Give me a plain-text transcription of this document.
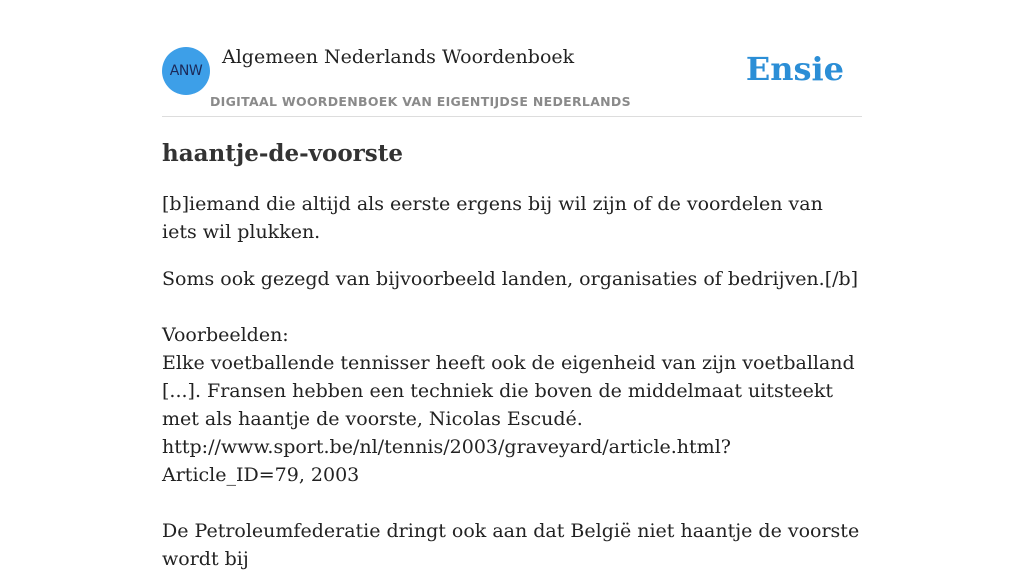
ANW
Algemeen Nederlands Woordenboek
DIGITAAL WOORDENBOEK VAN EIGENTIJDSE NEDERLANDS
Ensie
haantje-de-voorste

[b]iemand die altijd als eerste ergens bij wil zijn of de voordelen van iets wil plukken.

Soms ook gezegd van bijvoorbeeld landen, organisaties of bedrijven.[/b]

Voorbeelden:

Elke voetballende tennisser heeft ook de eigenheid van zijn voetballand [...]. Fransen hebben een techniek die boven de middelmaat uitsteekt met als haantje de voorste, Nicolas Escudé.

http://www.sport.be/nl/tennis/2003/graveyard/article.html?Article_ID=79, 2003

De Petroleumfederatie dringt ook aan dat België niet haantje de voorste wordt bij
